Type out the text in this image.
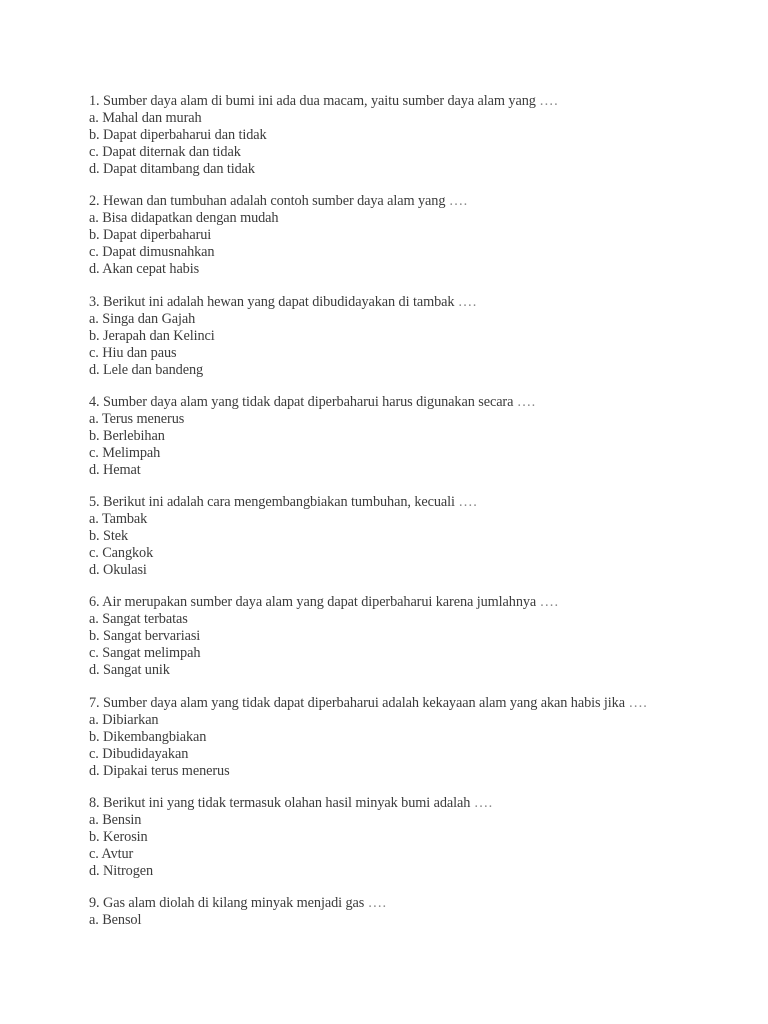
1. Sumber daya alam di bumi ini ada dua macam, yaitu sumber daya alam yang ….
a. Mahal dan murah
b. Dapat diperbaharui dan tidak
c. Dapat diternak dan tidak
d. Dapat ditambang dan tidak
2. Hewan dan tumbuhan adalah contoh sumber daya alam yang ….
a. Bisa didapatkan dengan mudah
b. Dapat diperbaharui
c. Dapat dimusnahkan
d. Akan cepat habis
3. Berikut ini adalah hewan yang dapat dibudidayakan di tambak ….
a. Singa dan Gajah
b. Jerapah dan Kelinci
c. Hiu dan paus
d. Lele dan bandeng
4. Sumber daya alam yang tidak dapat diperbaharui harus digunakan secara ….
a. Terus menerus
b. Berlebihan
c. Melimpah
d. Hemat
5. Berikut ini adalah cara mengembangbiakan tumbuhan, kecuali ….
a. Tambak
b. Stek
c. Cangkok
d. Okulasi
6. Air merupakan sumber daya alam yang dapat diperbaharui karena jumlahnya ….
a. Sangat terbatas
b. Sangat bervariasi
c. Sangat melimpah
d. Sangat unik
7. Sumber daya alam yang tidak dapat diperbaharui adalah kekayaan alam yang akan habis jika ….
a. Dibiarkan
b. Dikembangbiakan
c. Dibudidayakan
d. Dipakai terus menerus
8. Berikut ini yang tidak termasuk olahan hasil minyak bumi adalah ….
a. Bensin
b. Kerosin
c. Avtur
d. Nitrogen
9. Gas alam diolah di kilang minyak menjadi gas ….
a. Bensol
